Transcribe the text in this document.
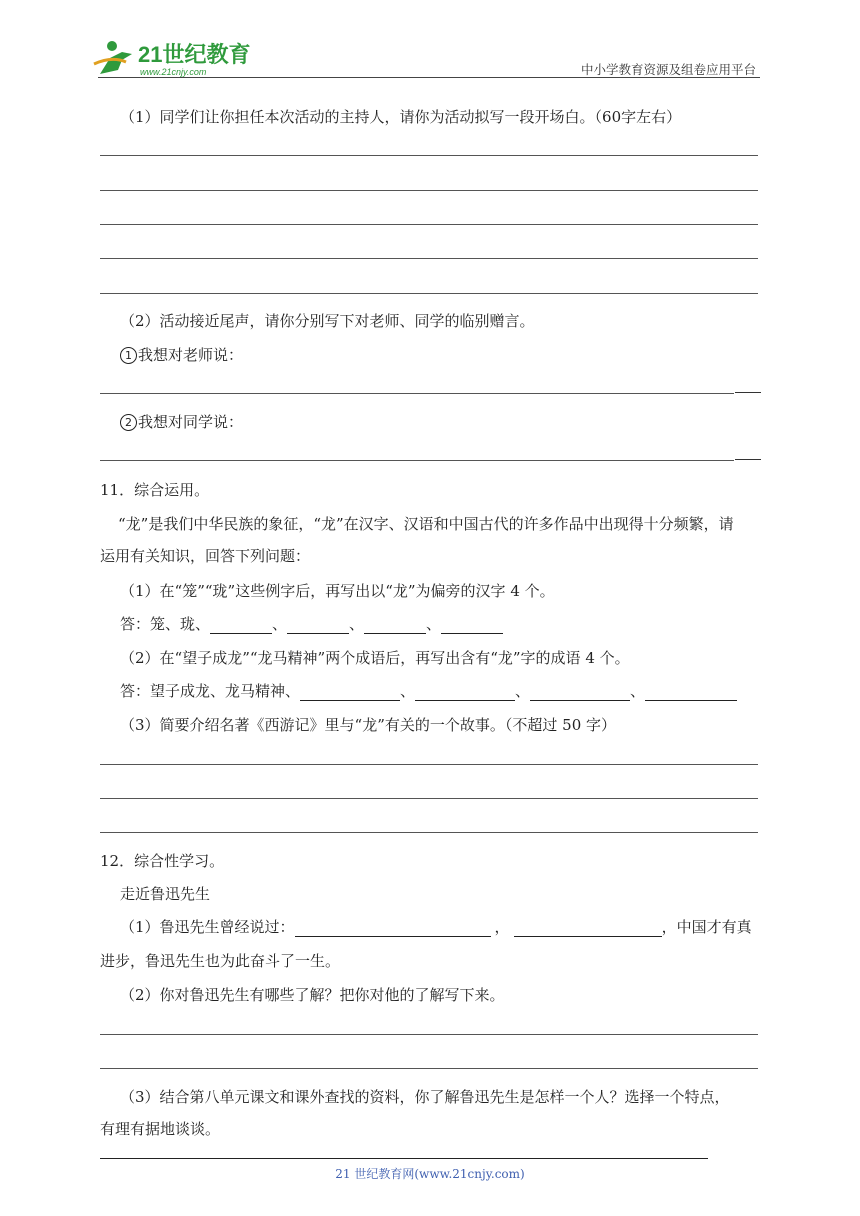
21世纪教育
www.21cnjy.com	中小学教育资源及组卷应用平台
（1）同学们让你担任本次活动的主持人，请你为活动拟写一段开场白。（60字左右）
（2）活动接近尾声，请你分别写下对老师、同学的临别赠言。
1 我想对老师说：
2 我想对同学说：
11．综合运用。
“龙”是我们中华民族的象征，“龙”在汉字、汉语和中国古代的许多作品中出现得十分频繁，请
运用有关知识，回答下列问题：
（1）在“笼”“珑”这些例字后，再写出以“龙”为偏旁的汉字 4 个。
答：笼、珑、	、	、	、
（2）在“望子成龙”“龙马精神”两个成语后，再写出含有“龙”字的成语 4 个。
答：望子成龙、龙马精神、	、	、	、
（3）简要介绍名著《西游记》里与“龙”有关的一个故事。（不超过 50 字）
12．综合性学习。
走近鲁迅先生
（1）鲁迅先生曾经说过：	，	，中国才有真
进步，鲁迅先生也为此奋斗了一生。
（2）你对鲁迅先生有哪些了解？把你对他的了解写下来。
（3）结合第八单元课文和课外查找的资料，你了解鲁迅先生是怎样一个人？选择一个特点，
有理有据地谈谈。
21 世纪教育网(www.21cnjy.com)
